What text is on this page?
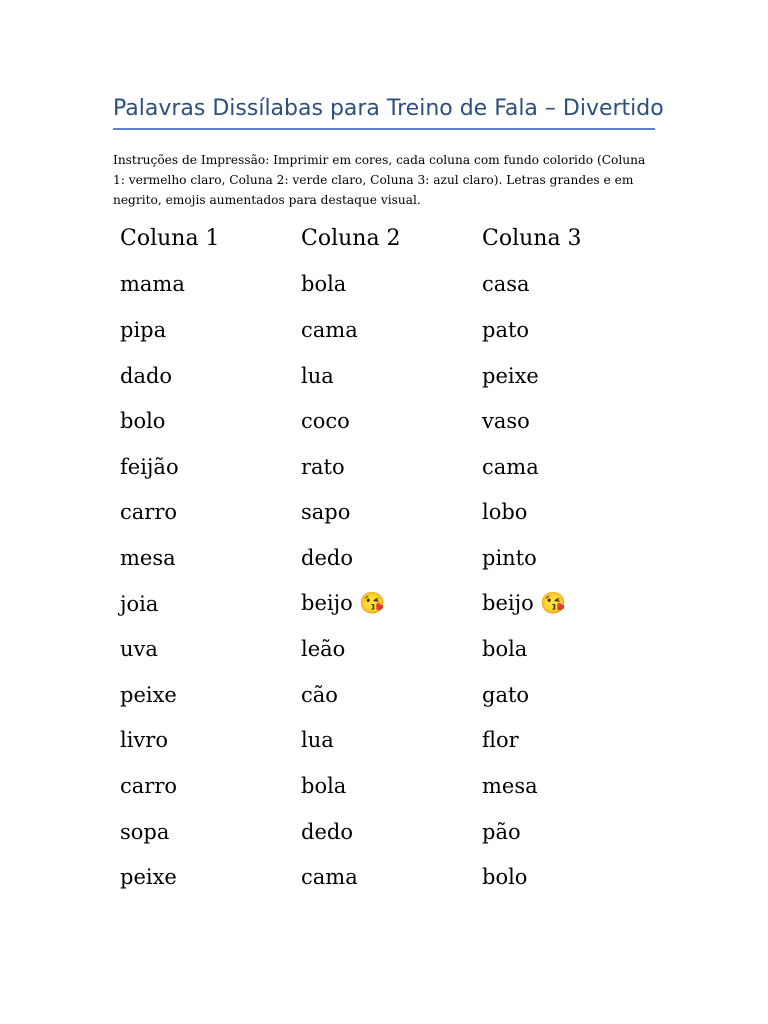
Palavras Dissílabas para Treino de Fala – Divertido
Instruções de Impressão: Imprimir em cores, cada coluna com fundo colorido (Coluna 1: vermelho claro, Coluna 2: verde claro, Coluna 3: azul claro). Letras grandes e em negrito, emojis aumentados para destaque visual.
Coluna 1	Coluna 2	Coluna 3
mama	bola	casa
pipa	cama	pato
dado	lua	peixe
bolo	coco	vaso
feijão	rato	cama
carro	sapo	lobo
mesa	dedo	pinto
joia	beijo 😘	beijo 😘
uva	leão	bola
peixe	cão	gato
livro	lua	flor
carro	bola	mesa
sopa	dedo	pão
peixe	cama	bolo
